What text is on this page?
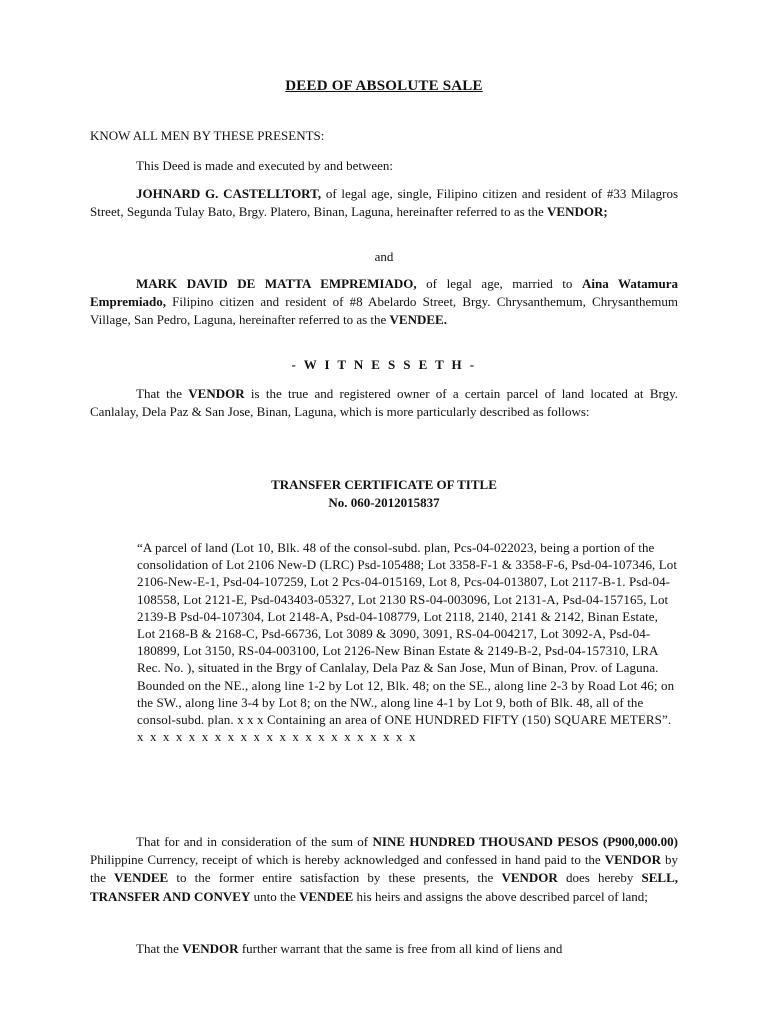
DEED OF ABSOLUTE SALE

KNOW ALL MEN BY THESE PRESENTS:

This Deed is made and executed by and between:

JOHNARD G. CASTELLTORT, of legal age, single, Filipino citizen and resident of #33 Milagros Street, Segunda Tulay Bato, Brgy. Platero, Binan, Laguna, hereinafter referred to as the VENDOR;

and

MARK DAVID DE MATTA EMPREMIADO, of legal age, married to Aina Watamura Empremiado, Filipino citizen and resident of #8 Abelardo Street, Brgy. Chrysanthemum, Chrysanthemum Village, San Pedro, Laguna, hereinafter referred to as the VENDEE.

- W I T N E S S E T H -

That the VENDOR is the true and registered owner of a certain parcel of land located at Brgy. Canlalay, Dela Paz & San Jose, Binan, Laguna, which is more particularly described as follows:

TRANSFER CERTIFICATE OF TITLE
No. 060-2012015837

“A parcel of land (Lot 10, Blk. 48 of the consol-subd. plan, Pcs-04-022023, being a portion of the consolidation of Lot 2106 New-D (LRC) Psd-105488; Lot 3358-F-1 & 3358-F-6, Psd-04-107346, Lot 2106-New-E-1, Psd-04-107259, Lot 2 Pcs-04-015169, Lot 8, Pcs-04-013807, Lot 2117-B-1. Psd-04-108558, Lot 2121-E, Psd-043403-05327, Lot 2130 RS-04-003096, Lot 2131-A, Psd-04-157165, Lot 2139-B Psd-04-107304, Lot 2148-A, Psd-04-108779, Lot 2118, 2140, 2141 & 2142, Binan Estate, Lot 2168-B & 2168-C, Psd-66736, Lot 3089 & 3090, 3091, RS-04-004217, Lot 3092-A, Psd-04-180899, Lot 3150, RS-04-003100, Lot 2126-New Binan Estate & 2149-B-2, Psd-04-157310, LRA Rec. No. ), situated in the Brgy of Canlalay, Dela Paz & San Jose, Mun of Binan, Prov. of Laguna. Bounded on the NE., along line 1-2 by Lot 12, Blk. 48; on the SE., along line 2-3 by Road Lot 46; on the SW., along line 3-4 by Lot 8; on the NW., along line 4-1 by Lot 9, both of Blk. 48, all of the consol-subd. plan. x x x Containing an area of ONE HUNDRED FIFTY (150) SQUARE METERS”. x x x x x x x x x x x x x x x x x x x x x x

That for and in consideration of the sum of NINE HUNDRED THOUSAND PESOS (P900,000.00) Philippine Currency, receipt of which is hereby acknowledged and confessed in hand paid to the VENDOR by the VENDEE to the former entire satisfaction by these presents, the VENDOR does hereby SELL, TRANSFER AND CONVEY unto the VENDEE his heirs and assigns the above described parcel of land;

That the VENDOR further warrant that the same is free from all kind of liens and
